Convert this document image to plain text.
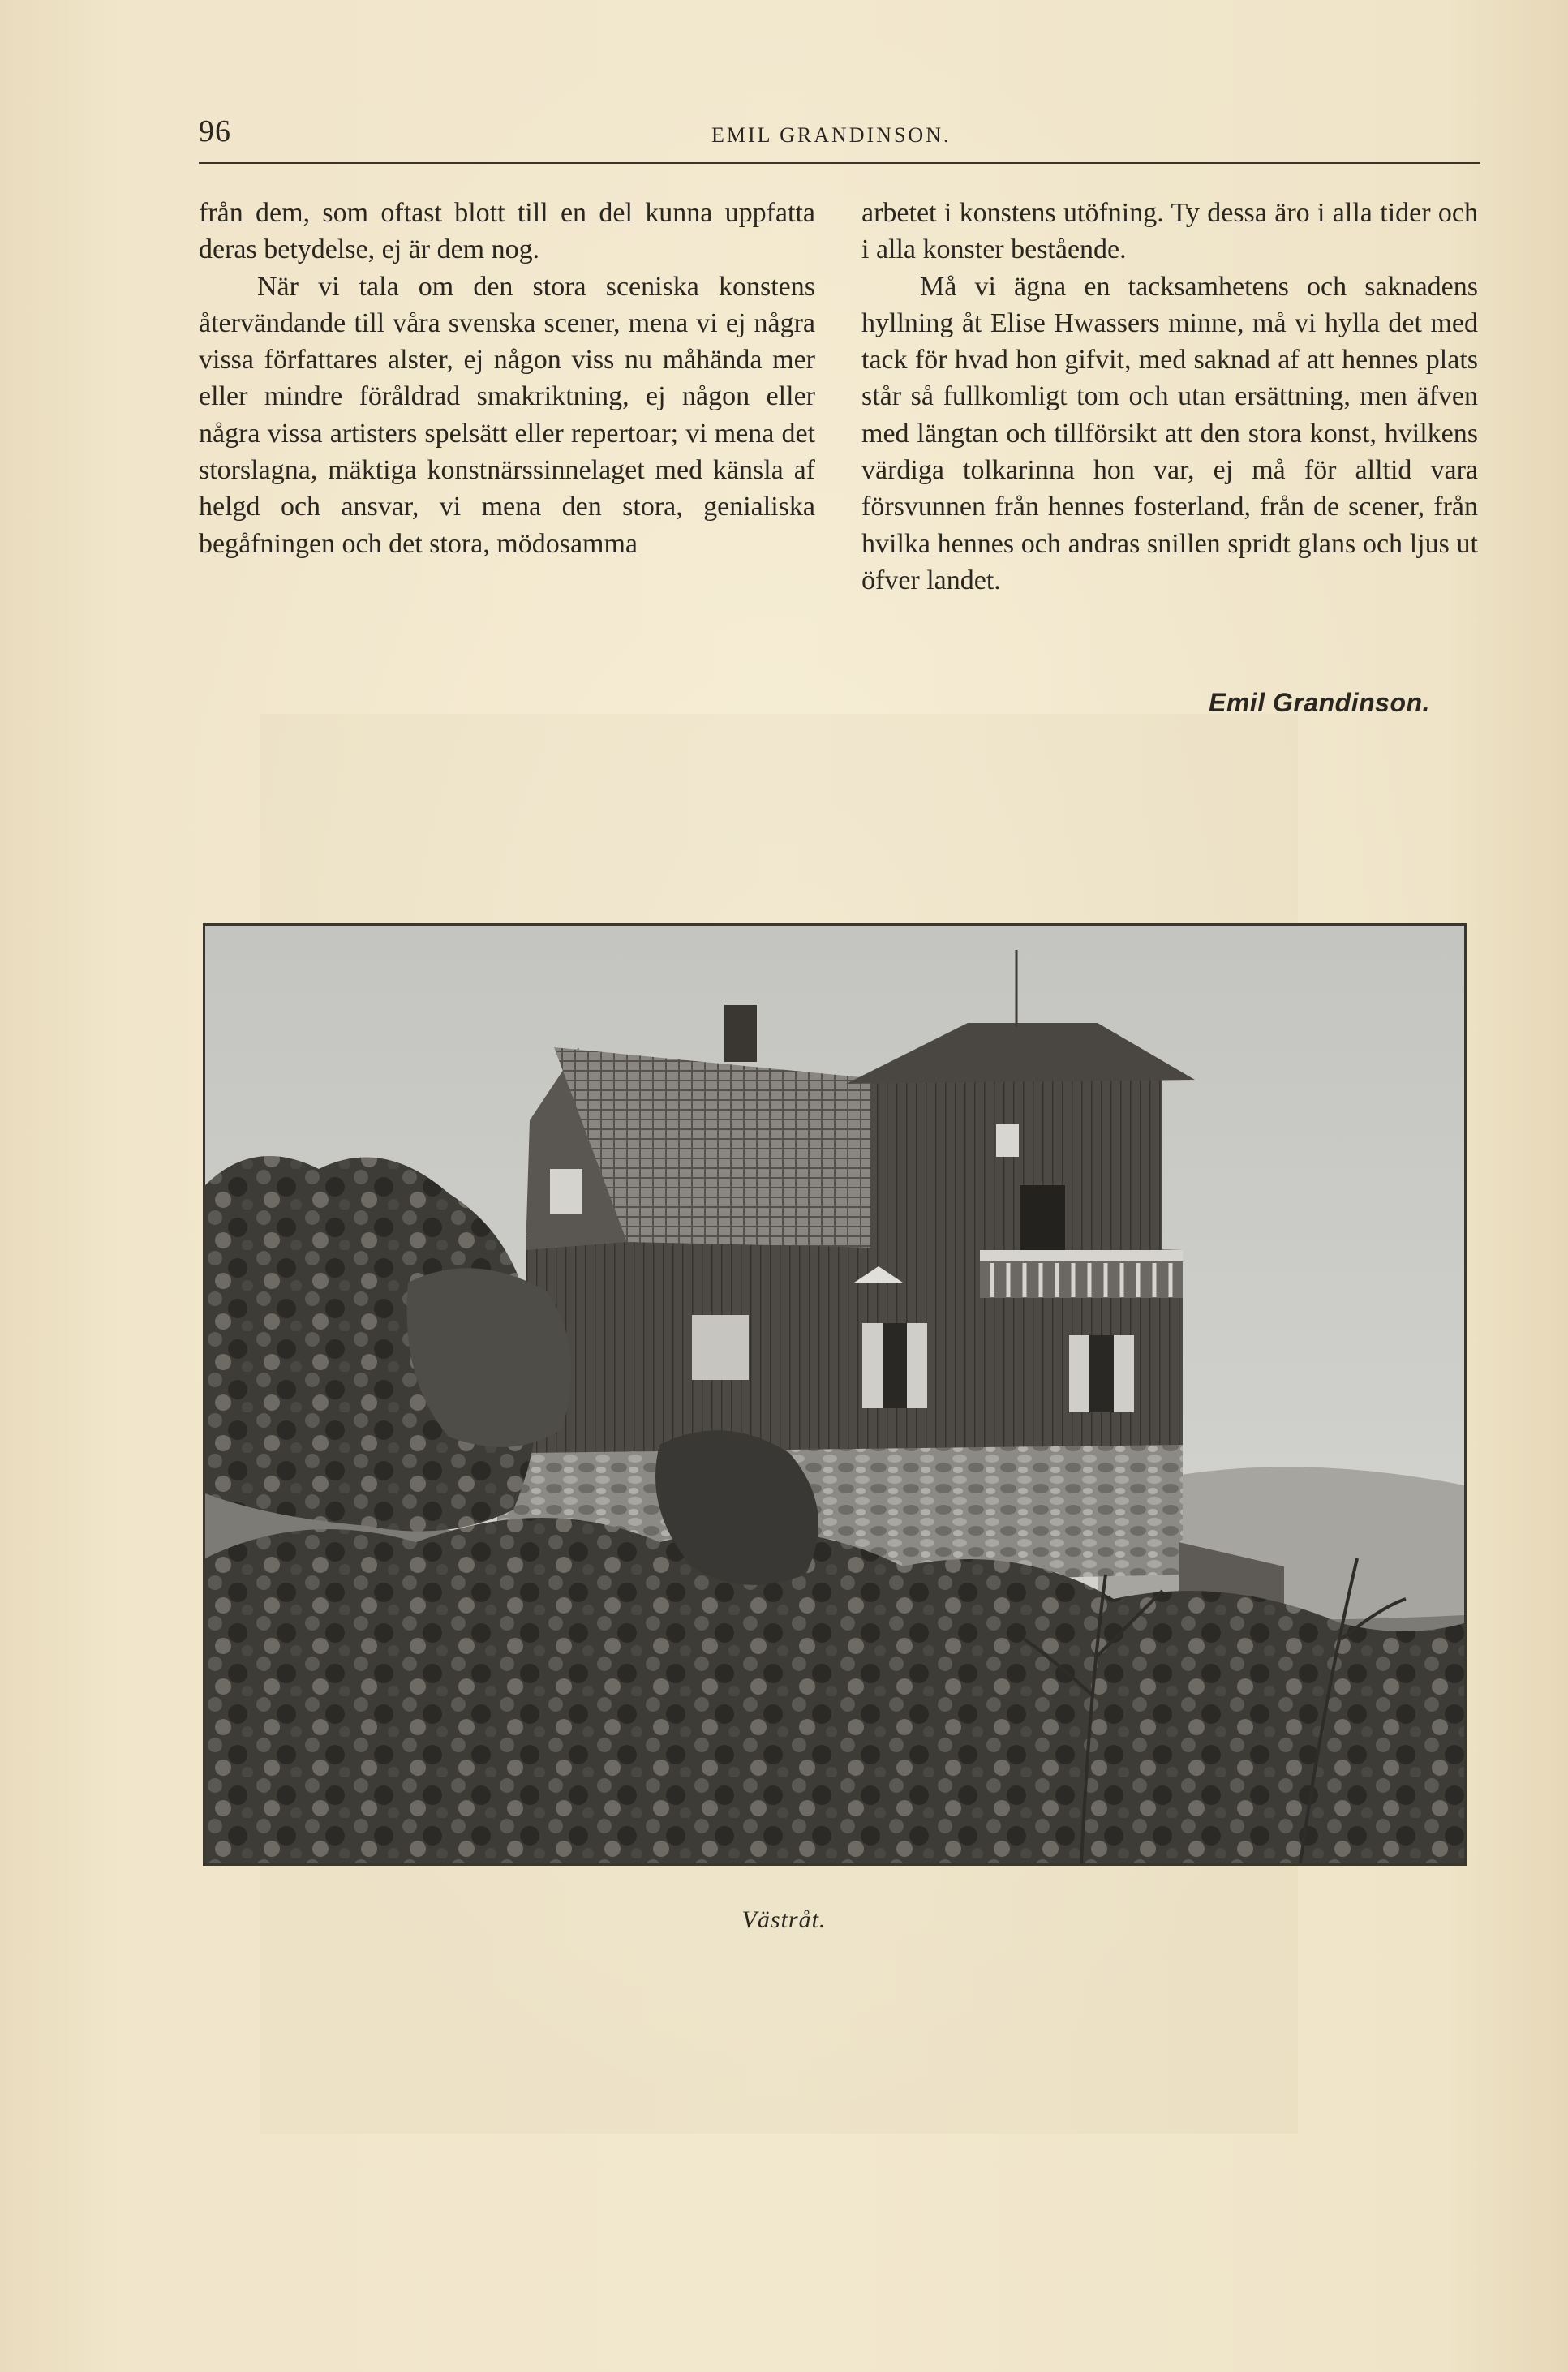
96	EMIL GRANDINSON.

från dem, som oftast blott till en del kunna uppfatta deras betydelse, ej är dem nog.

När vi tala om den stora sceniska konstens återvändande till våra svenska scener, mena vi ej några vissa författares alster, ej någon viss nu måhända mer eller mindre föråldrad smakriktning, ej någon eller några vissa artisters spelsätt eller repertoar; vi mena det storslagna, mäktiga konstnärssinnelaget med känsla af helgd och ansvar, vi mena den stora, genialiska begåfningen och det stora, mödosamma

arbetet i konstens utöfning. Ty dessa äro i alla tider och i alla konster bestående.

Må vi ägna en tacksamhetens och saknadens hyllning åt Elise Hwassers minne, må vi hylla det med tack för hvad hon gifvit, med saknad af att hennes plats står så fullkomligt tom och utan ersättning, men äfven med längtan och tillförsikt att den stora konst, hvilkens värdiga tolkarinna hon var, ej må för alltid vara försvunnen från hennes fosterland, från de scener, från hvilka hennes och andras snillen spridt glans och ljus ut öfver landet.

Emil Grandinson.
Västråt.
